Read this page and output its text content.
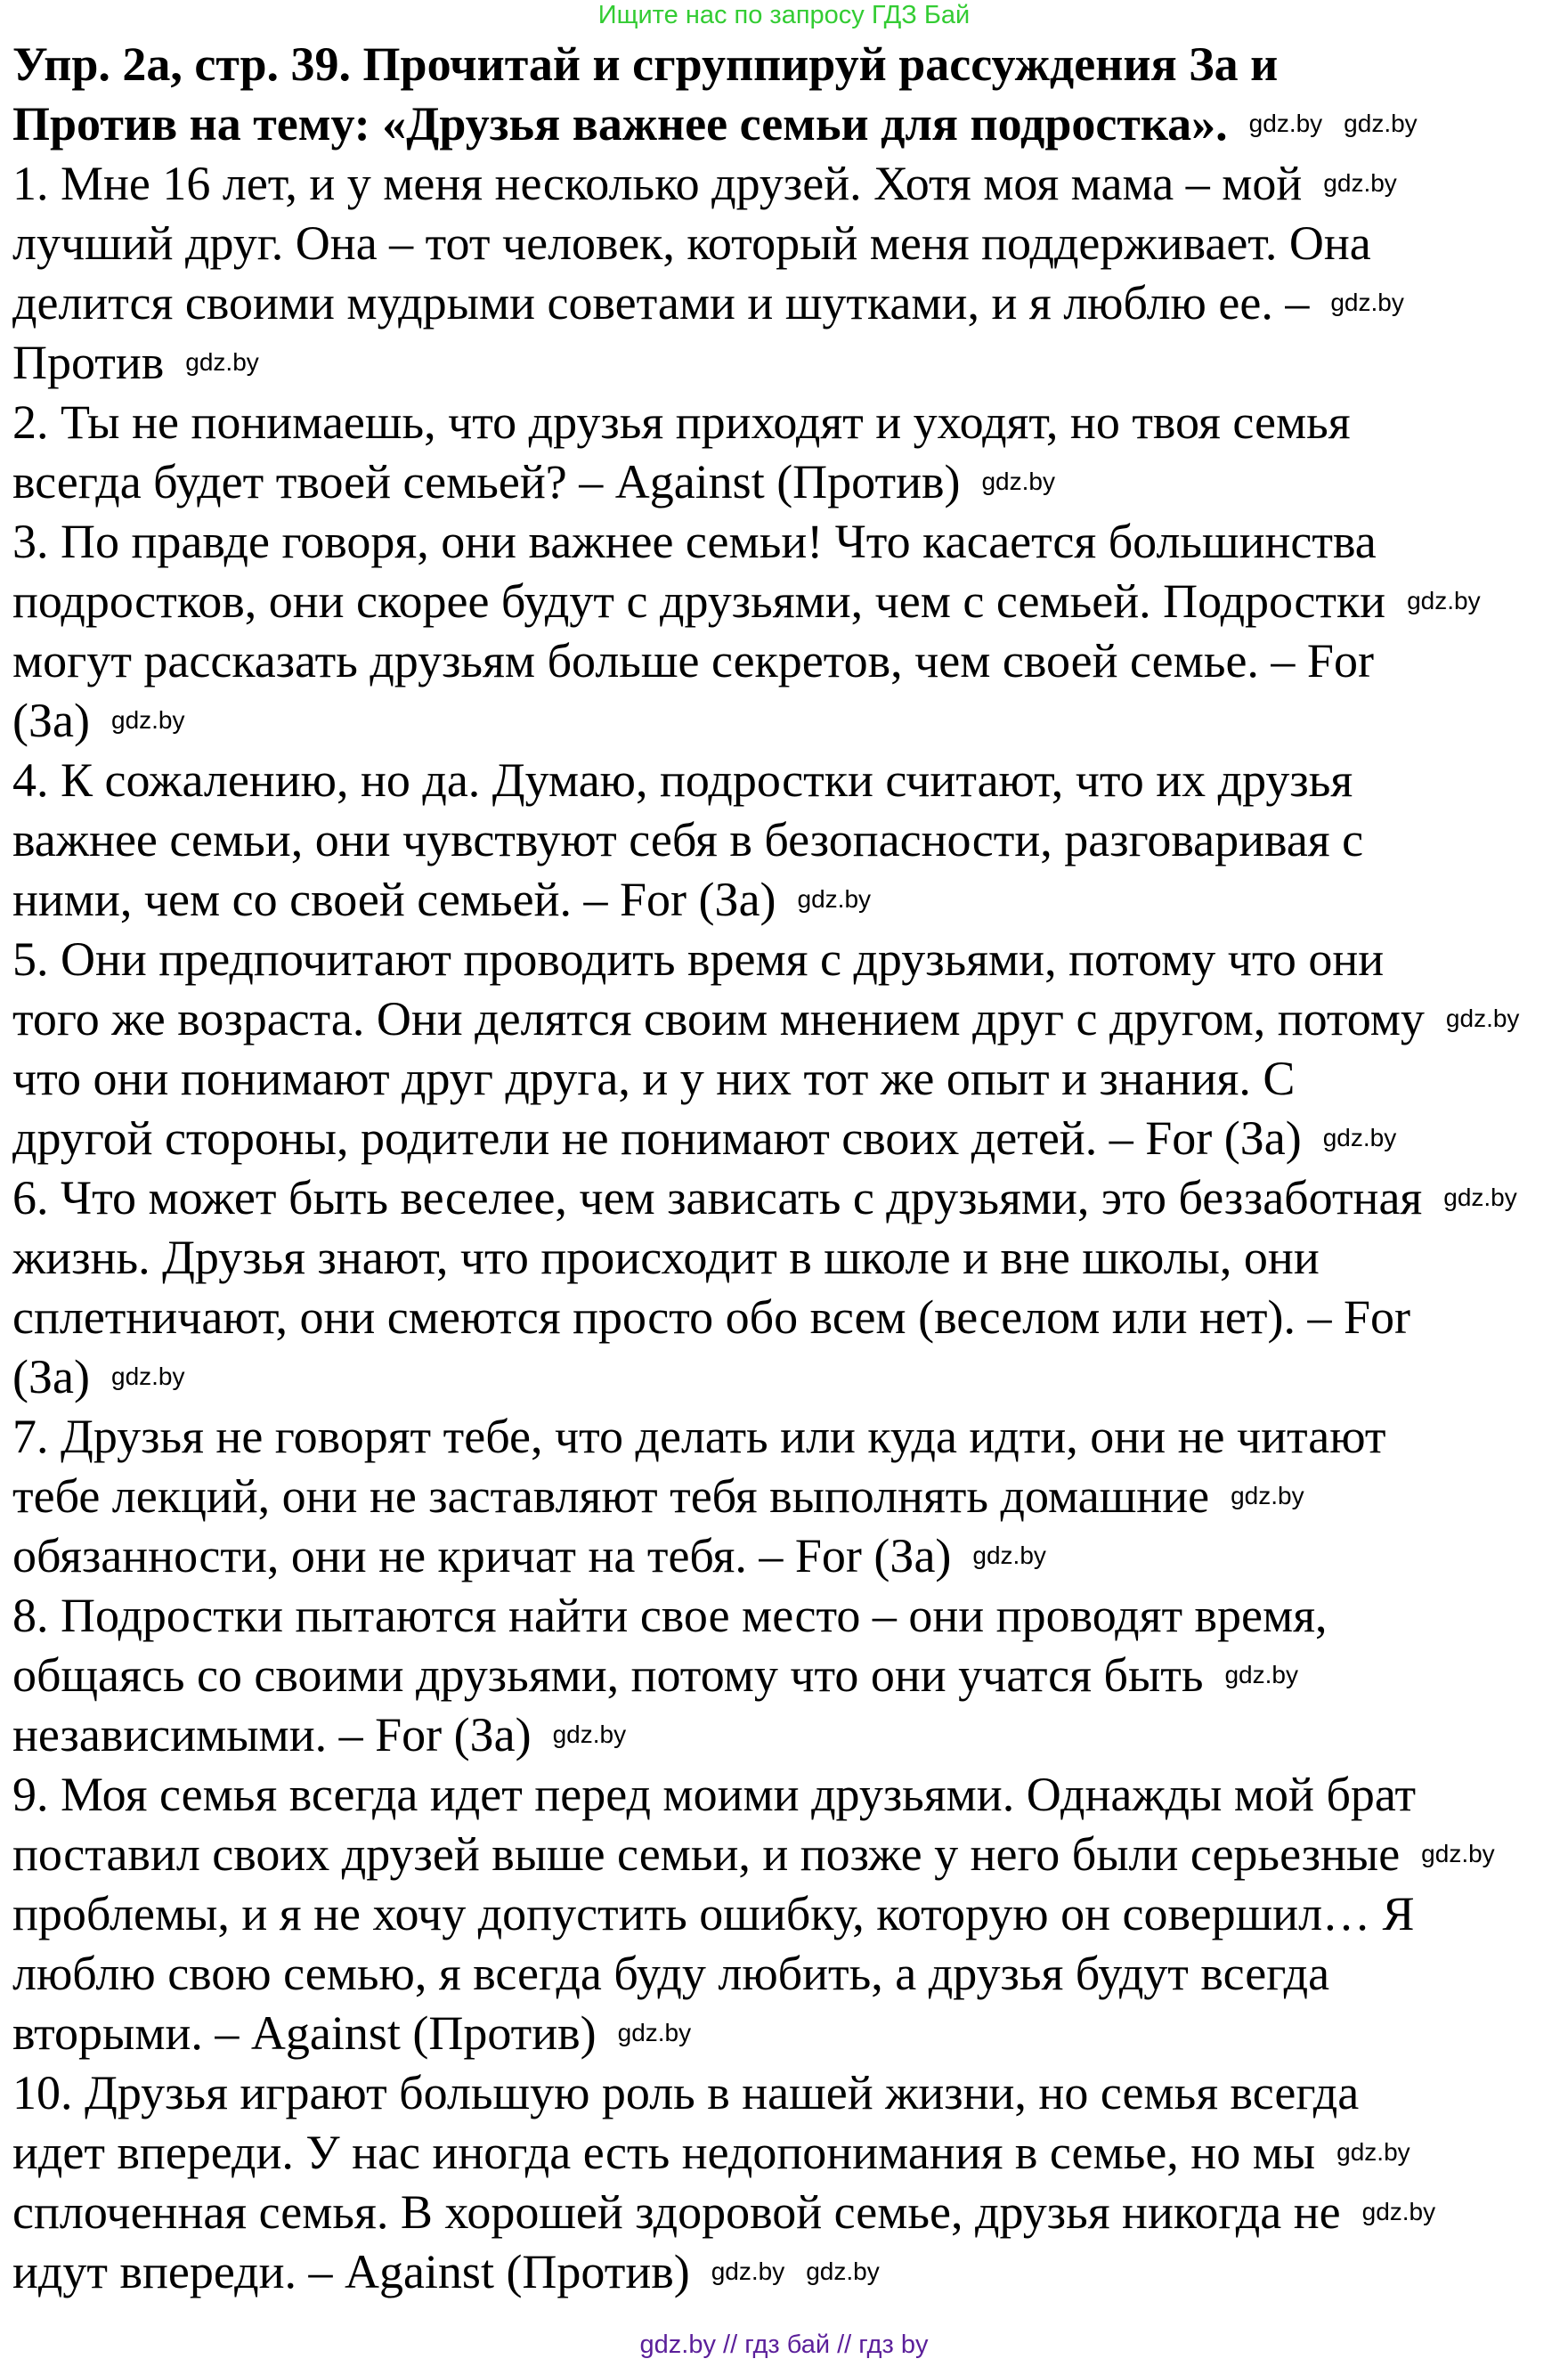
Ищите нас по запросу ГДЗ Бай
Упр. 2а, стр. 39. Прочитай и сгруппируй рассуждения За и
Против на тему: «Друзья важнее семьи для подростка».
1. Мне 16 лет, и у меня несколько друзей. Хотя моя мама – мой
лучший друг. Она – тот человек, который меня поддерживает. Она
делится своими мудрыми советами и шутками, и я люблю ее. –
Против
2. Ты не понимаешь, что друзья приходят и уходят, но твоя семья
всегда будет твоей семьей? – Against (Против)
3. По правде говоря, они важнее семьи! Что касается большинства
подростков, они скорее будут с друзьями, чем с семьей. Подростки
могут рассказать друзьям больше секретов, чем своей семье. – For
(За)
4. К сожалению, но да. Думаю, подростки считают, что их друзья
важнее семьи, они чувствуют себя в безопасности, разговаривая с
ними, чем со своей семьей. – For (За)
5. Они предпочитают проводить время с друзьями, потому что они
того же возраста. Они делятся своим мнением друг с другом, потому
что они понимают друг друга, и у них тот же опыт и знания. С
другой стороны, родители не понимают своих детей. – For (За)
6. Что может быть веселее, чем зависать с друзьями, это беззаботная
жизнь. Друзья знают, что происходит в школе и вне школы, они
сплетничают, они смеются просто обо всем (веселом или нет). – For
(За)
7. Друзья не говорят тебе, что делать или куда идти, они не читают
тебе лекций, они не заставляют тебя выполнять домашние
обязанности, они не кричат на тебя. – For (За)
8. Подростки пытаются найти свое место – они проводят время,
общаясь со своими друзьями, потому что они учатся быть
независимыми. – For (За)
9. Моя семья всегда идет перед моими друзьями. Однажды мой брат
поставил своих друзей выше семьи, и позже у него были серьезные
проблемы, и я не хочу допустить ошибку, которую он совершил… Я
люблю свою семью, я всегда буду любить, а друзья будут всегда
вторыми. – Against (Против)
10. Друзья играют большую роль в нашей жизни, но семья всегда
идет впереди. У нас иногда есть недопонимания в семье, но мы
сплоченная семья. В хорошей здоровой семье, друзья никогда не
идут впереди. – Against (Против)
gdz.by gdz.by
gdz.by
gdz.by
gdz.by
gdz.by
gdz.by
gdz.by
gdz.by
gdz.by
gdz.by
gdz.by
gdz.by
gdz.by
gdz.by
gdz.by
gdz.by
gdz.by
gdz.by
gdz.by
gdz.by
gdz.by gdz.by
gdz.by // гдз бай // гдз by
